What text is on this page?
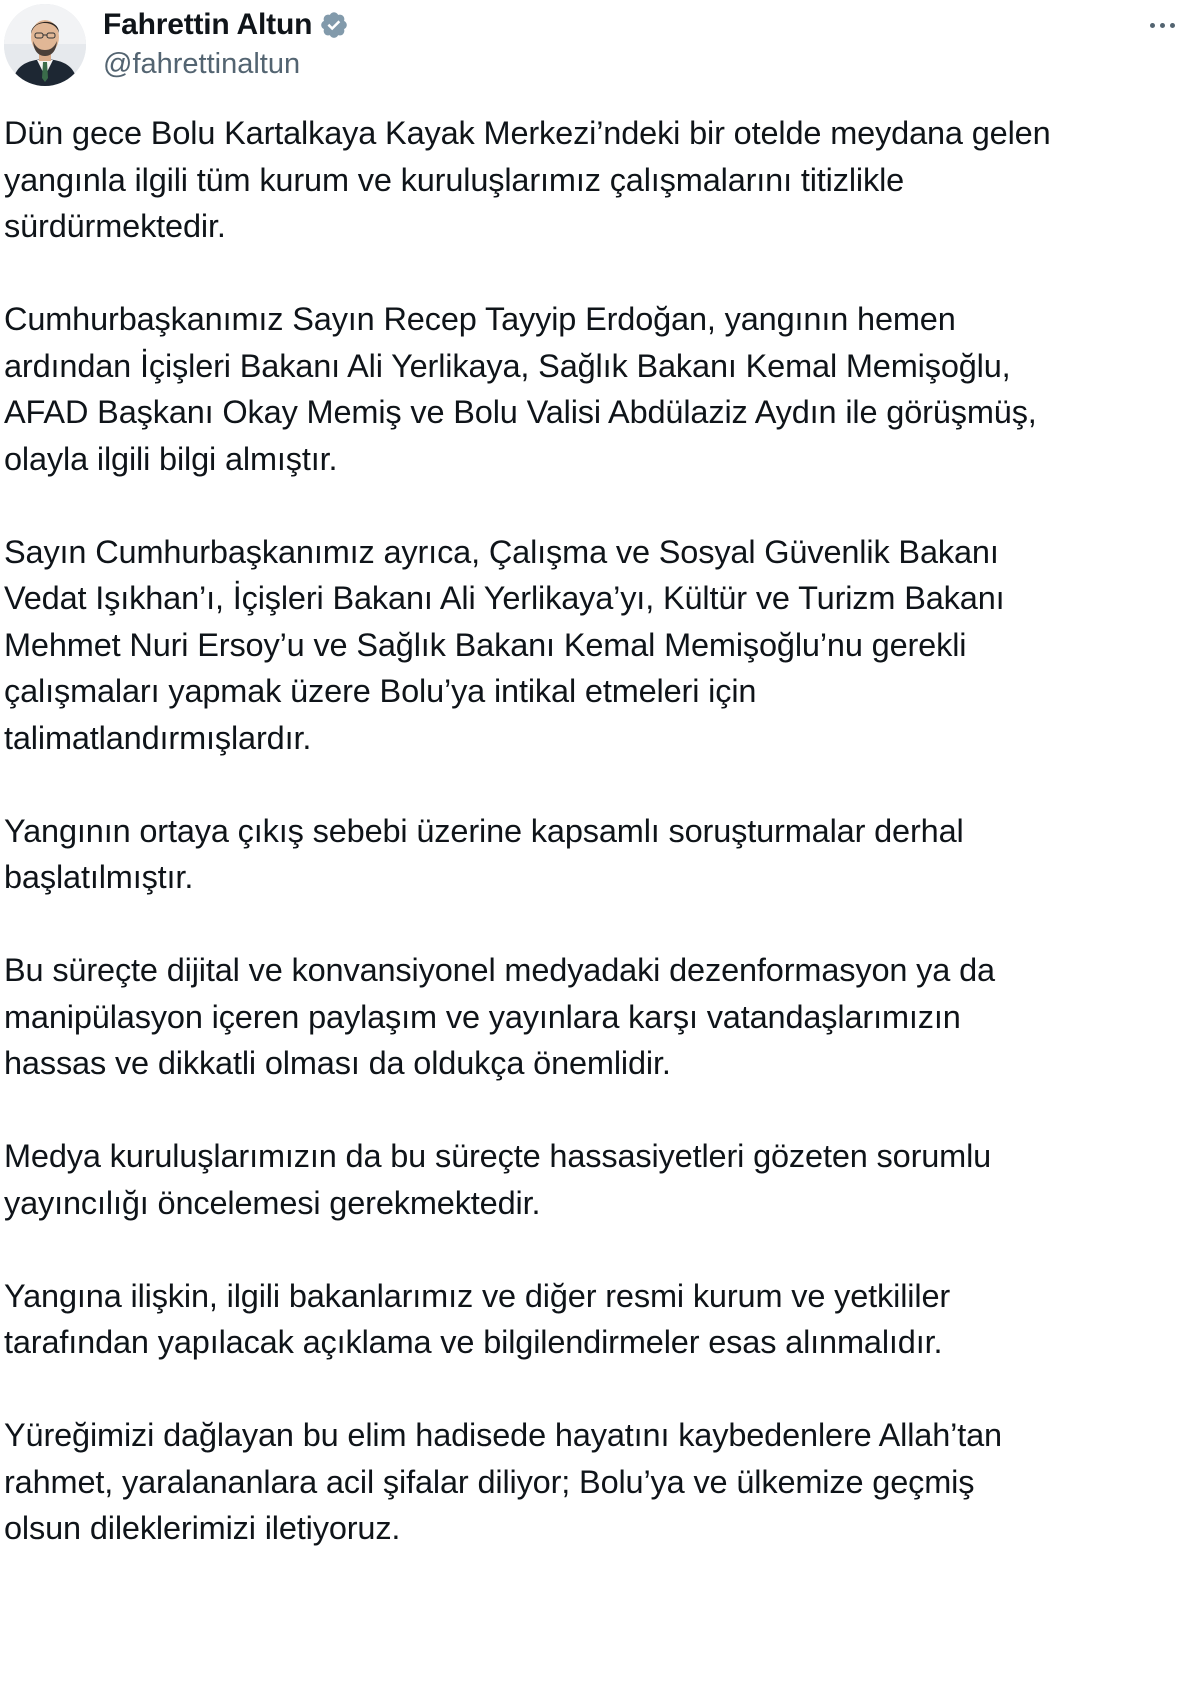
Fahrettin Altun
@fahrettinaltun

Dün gece Bolu Kartalkaya Kayak Merkezi’ndeki bir otelde meydana gelen
yangınla ilgili tüm kurum ve kuruluşlarımız çalışmalarını titizlikle
sürdürmektedir.

Cumhurbaşkanımız Sayın Recep Tayyip Erdoğan, yangının hemen
ardından İçişleri Bakanı Ali Yerlikaya, Sağlık Bakanı Kemal Memişoğlu,
AFAD Başkanı Okay Memiş ve Bolu Valisi Abdülaziz Aydın ile görüşmüş,
olayla ilgili bilgi almıştır.

Sayın Cumhurbaşkanımız ayrıca, Çalışma ve Sosyal Güvenlik Bakanı
Vedat Işıkhan’ı, İçişleri Bakanı Ali Yerlikaya’yı, Kültür ve Turizm Bakanı
Mehmet Nuri Ersoy’u ve Sağlık Bakanı Kemal Memişoğlu’nu gerekli
çalışmaları yapmak üzere Bolu’ya intikal etmeleri için
talimatlandırmışlardır.

Yangının ortaya çıkış sebebi üzerine kapsamlı soruşturmalar derhal
başlatılmıştır.

Bu süreçte dijital ve konvansiyonel medyadaki dezenformasyon ya da
manipülasyon içeren paylaşım ve yayınlara karşı vatandaşlarımızın
hassas ve dikkatli olması da oldukça önemlidir.

Medya kuruluşlarımızın da bu süreçte hassasiyetleri gözeten sorumlu
yayıncılığı öncelemesi gerekmektedir.

Yangına ilişkin, ilgili bakanlarımız ve diğer resmi kurum ve yetkililer
tarafından yapılacak açıklama ve bilgilendirmeler esas alınmalıdır.

Yüreğimizi dağlayan bu elim hadisede hayatını kaybedenlere Allah’tan
rahmet, yaralananlara acil şifalar diliyor; Bolu’ya ve ülkemize geçmiş
olsun dileklerimizi iletiyoruz.
